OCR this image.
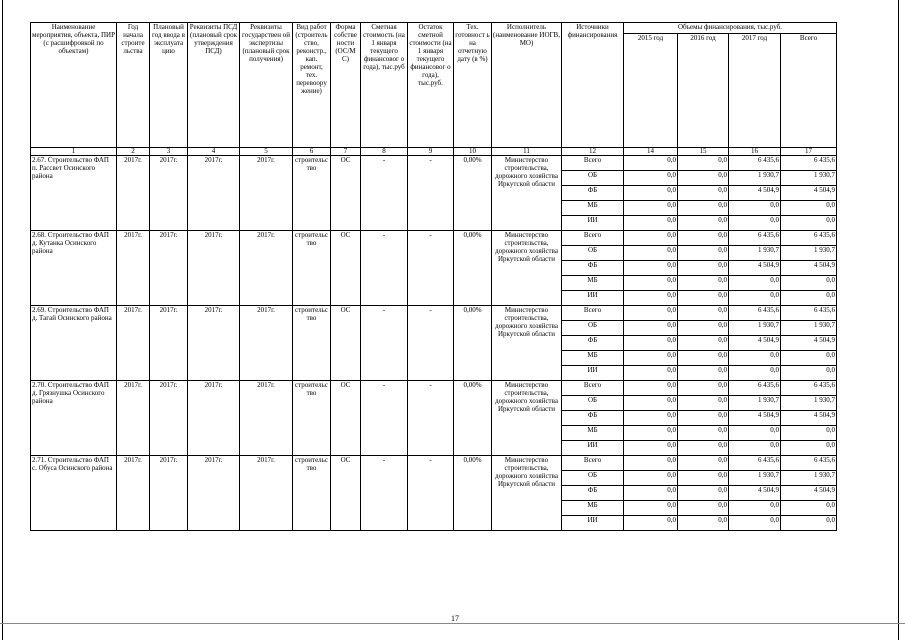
Наименование мероприятия, объекта, ПИР (с расшифровкой по объектам)	Год начала строите льства	Плановый год ввода в эксплуата цию	Реквизиты ПСД (плановый срок утверждения ПСД)	Реквизиты государствен ой экспертизы (плановый срок получения)	Вид работ (строитель ство, реконстр., кап. ремонт, тех. перевоору жение)	Форма собстве ности (ОС/М С)	Сметная стоимость (на 1 января текущего финансовог о года), тыс.руб	Остаток сметной стоимости (на 1 января текущего финансовог о года), тыс.руб.	Тех. готовност ь на отчетную дату (в %)	Исполнитель (наименование ИОГВ, МО)	Источники финансирования	Объемы финансирования, тыс.руб.			
												2015 год	2016 год	2017 год	Всего
1	2	3	4	5	6	7	8	9	10	11	12	14	15	16	17
2.67. Строительство ФАП п. Рассвет Осинского района	2017г.	2017г.	2017г.	2017г.	строительс тво	ОС	-	-	0,00%	Министерство строительства, дорожного хозяйства Иркутской области	Всего	0,0	0,0	6 435,6	6 435,6
											ОБ	0,0	0,0	1 930,7	1 930,7
											ФБ	0,0	0,0	4 504,9	4 504,9
											МБ	0,0	0,0	0,0	0,0
											ИИ	0,0	0,0	0,0	0,0
2.68. Строительство ФАП д. Кутанка Осинского района	2017г.	2017г.	2017г.	2017г.	строительс тво	ОС	-	-	0,00%	Министерство строительства, дорожного хозяйства Иркутской области	Всего	0,0	0,0	6 435,6	6 435,6
											ОБ	0,0	0,0	1 930,7	1 930,7
											ФБ	0,0	0,0	4 504,9	4 504,9
											МБ	0,0	0,0	0,0	0,0
											ИИ	0,0	0,0	0,0	0,0
2.69. Строительство ФАП д. Тагай Осинского района	2017г.	2017г.	2017г.	2017г.	строительс тво	ОС	-	-	0,00%	Министерство строительства, дорожного хозяйства Иркутской области	Всего	0,0	0,0	6 435,6	6 435,6
											ОБ	0,0	0,0	1 930,7	1 930,7
											ФБ	0,0	0,0	4 504,9	4 504,9
											МБ	0,0	0,0	0,0	0,0
											ИИ	0,0	0,0	0,0	0,0
2.70. Строительство ФАП д. Грязнушка Осинского района	2017г.	2017г.	2017г.	2017г.	строительс тво	ОС	-	-	0,00%	Министерство строительства, дорожного хозяйства Иркутской области	Всего	0,0	0,0	6 435,6	6 435,6
											ОБ	0,0	0,0	1 930,7	1 930,7
											ФБ	0,0	0,0	4 504,9	4 504,9
											МБ	0,0	0,0	0,0	0,0
											ИИ	0,0	0,0	0,0	0,0
2.71. Строительство ФАП с. Обуса Осинского района	2017г.	2017г.	2017г.	2017г.	строительс тво	ОС	-	-	0,00%	Министерство строительства, дорожного хозяйства Иркутской области	Всего	0,0	0,0	6 435,6	6 435,6
											ОБ	0,0	0,0	1 930,7	1 930,7
											ФБ	0,0	0,0	4 504,9	4 504,9
											МБ	0,0	0,0	0,0	0,0
											ИИ	0,0	0,0	0,0	0,0
17
